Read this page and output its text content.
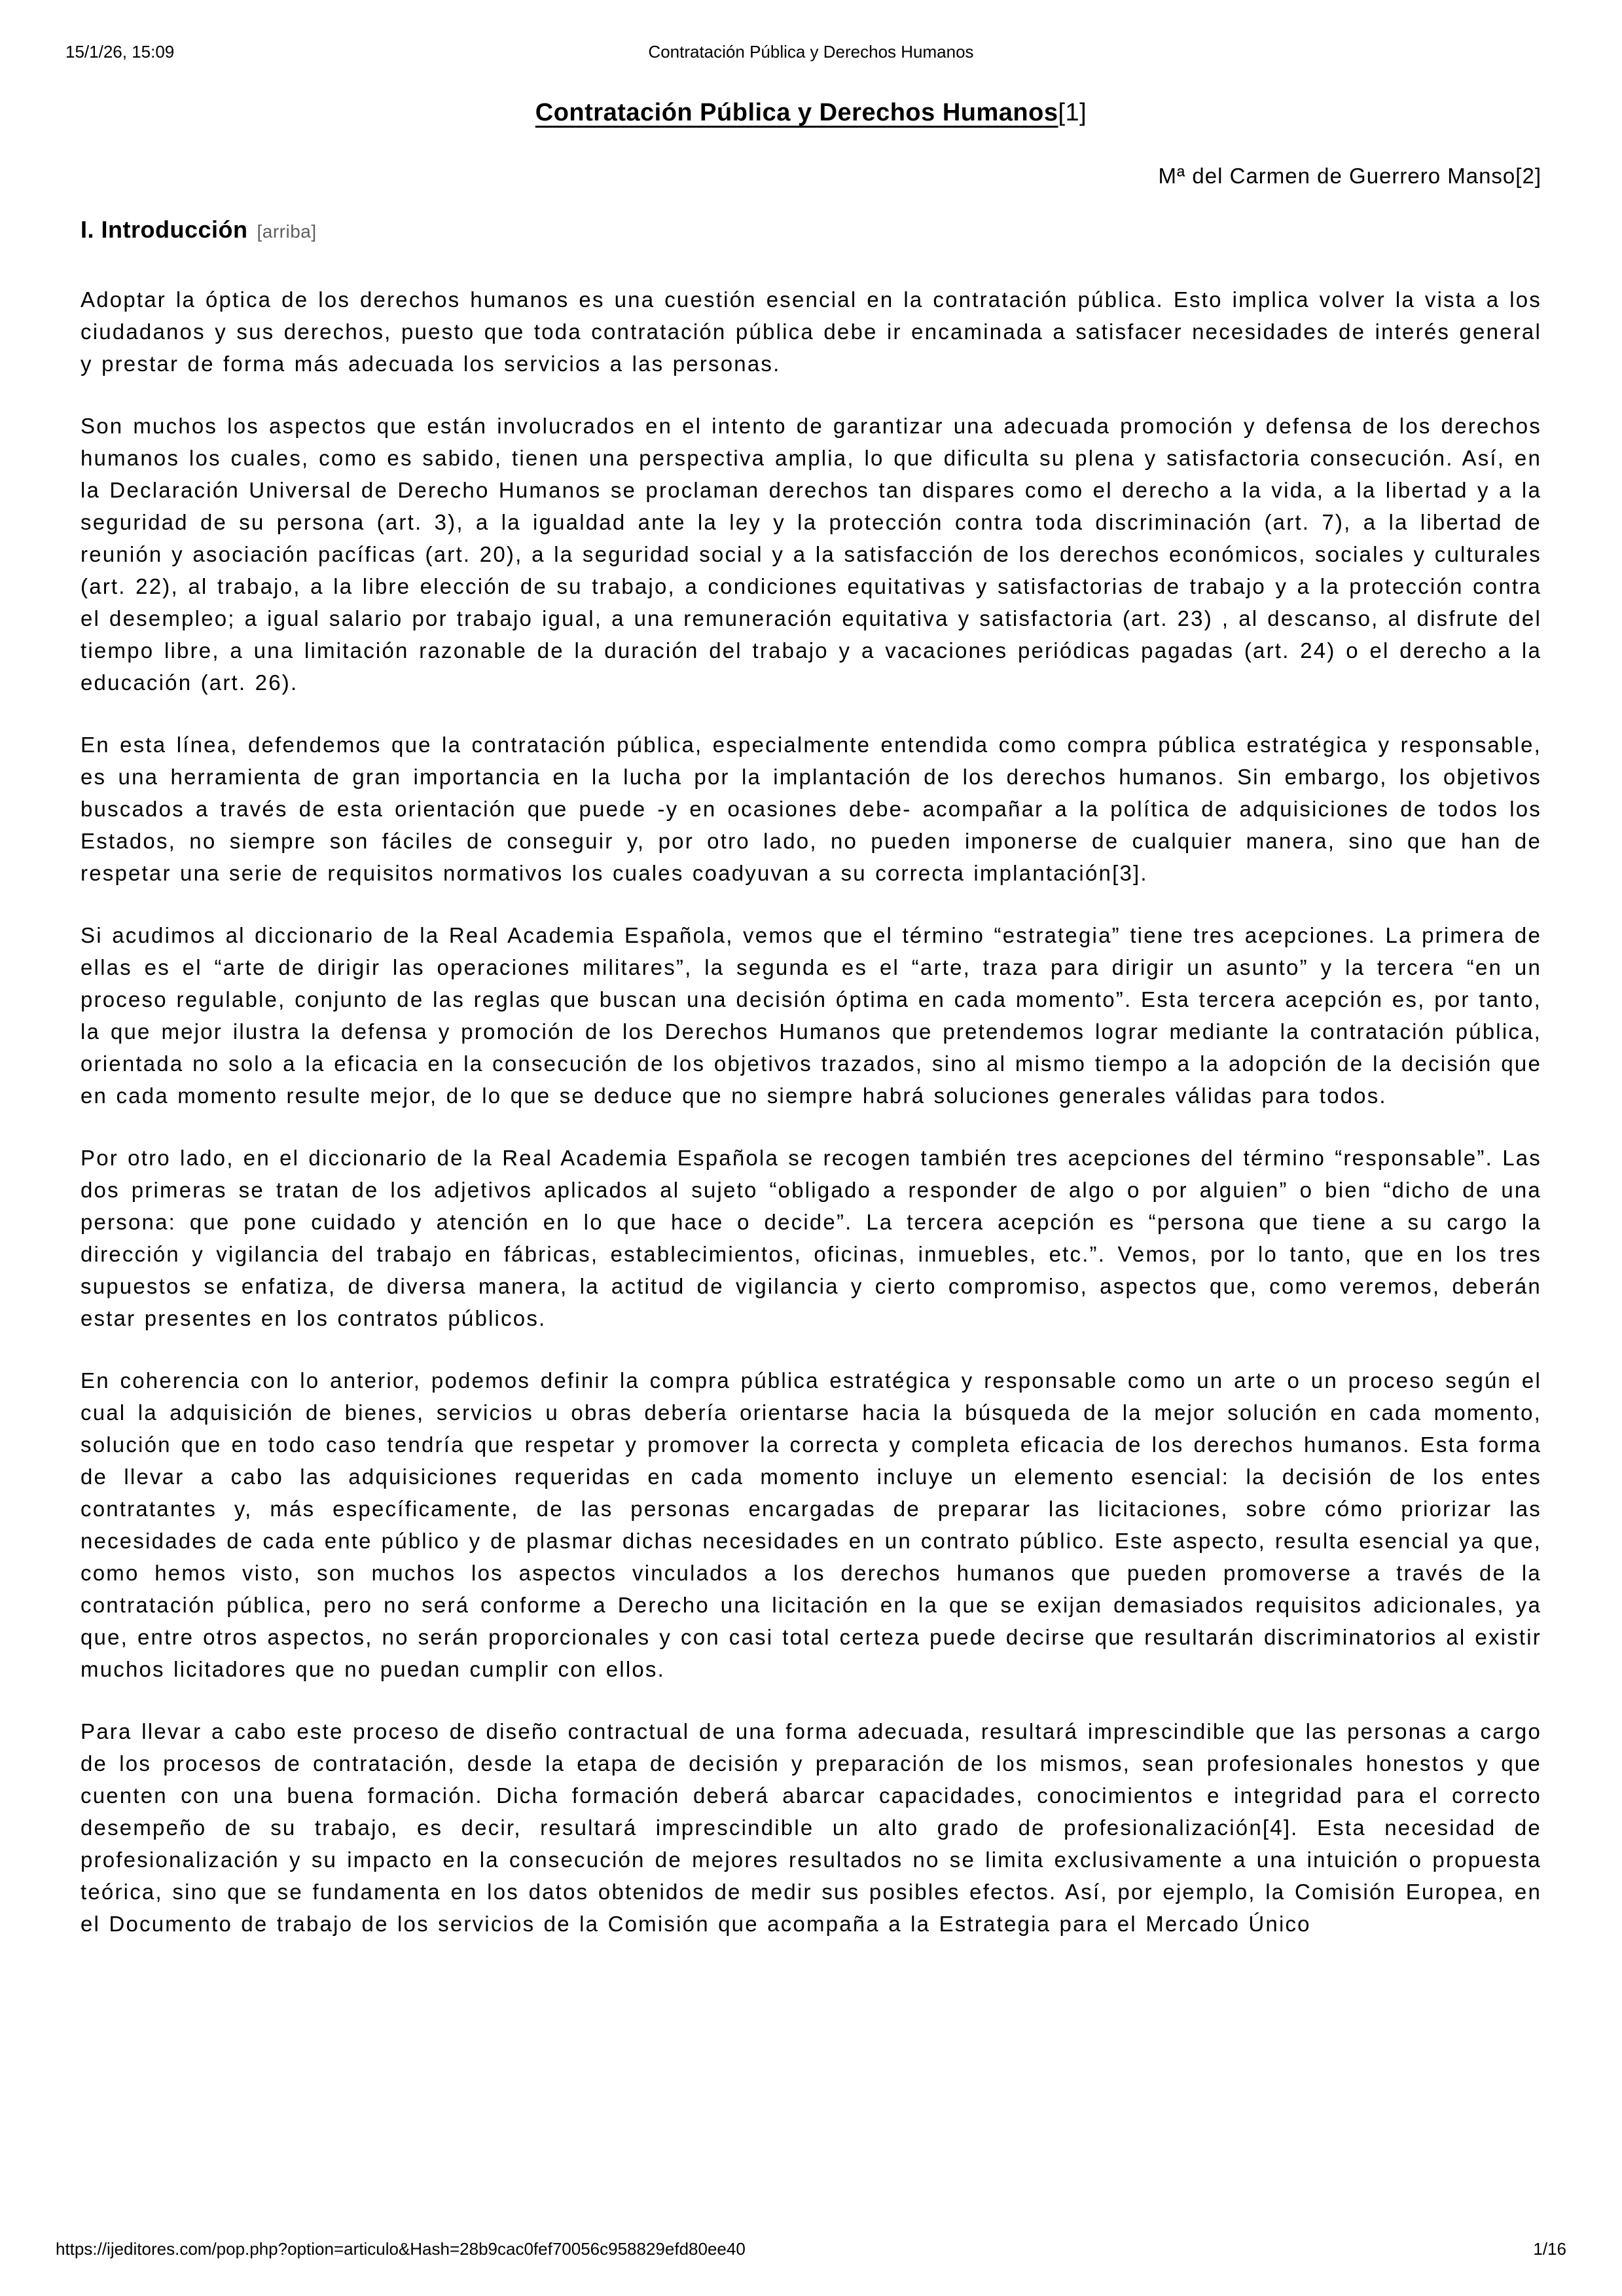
15/1/26, 15:09	Contratación Pública y Derechos Humanos
Contratación Pública y Derechos Humanos[1]
Mª del Carmen de Guerrero Manso[2]
I. Introducción [arriba]

Adoptar la óptica de los derechos humanos es una cuestión esencial en la contratación pública. Esto implica volver la vista a los ciudadanos y sus derechos, puesto que toda contratación pública debe ir encaminada a satisfacer necesidades de interés general y prestar de forma más adecuada los servicios a las personas.

Son muchos los aspectos que están involucrados en el intento de garantizar una adecuada promoción y defensa de los derechos humanos los cuales, como es sabido, tienen una perspectiva amplia, lo que dificulta su plena y satisfactoria consecución. Así, en la Declaración Universal de Derecho Humanos se proclaman derechos tan dispares como el derecho a la vida, a la libertad y a la seguridad de su persona (art. 3), a la igualdad ante la ley y la protección contra toda discriminación (art. 7), a la libertad de reunión y asociación pacíficas (art. 20), a la seguridad social y a la satisfacción de los derechos económicos, sociales y culturales (art. 22), al trabajo, a la libre elección de su trabajo, a condiciones equitativas y satisfactorias de trabajo y a la protección contra el desempleo; a igual salario por trabajo igual, a una remuneración equitativa y satisfactoria (art. 23) , al descanso, al disfrute del tiempo libre, a una limitación razonable de la duración del trabajo y a vacaciones periódicas pagadas (art. 24) o el derecho a la educación (art. 26).

En esta línea, defendemos que la contratación pública, especialmente entendida como compra pública estratégica y responsable, es una herramienta de gran importancia en la lucha por la implantación de los derechos humanos. Sin embargo, los objetivos buscados a través de esta orientación que puede -y en ocasiones debe- acompañar a la política de adquisiciones de todos los Estados, no siempre son fáciles de conseguir y, por otro lado, no pueden imponerse de cualquier manera, sino que han de respetar una serie de requisitos normativos los cuales coadyuvan a su correcta implantación[3].

Si acudimos al diccionario de la Real Academia Española, vemos que el término “estrategia” tiene tres acepciones. La primera de ellas es el “arte de dirigir las operaciones militares”, la segunda es el “arte, traza para dirigir un asunto” y la tercera “en un proceso regulable, conjunto de las reglas que buscan una decisión óptima en cada momento”. Esta tercera acepción es, por tanto, la que mejor ilustra la defensa y promoción de los Derechos Humanos que pretendemos lograr mediante la contratación pública, orientada no solo a la eficacia en la consecución de los objetivos trazados, sino al mismo tiempo a la adopción de la decisión que en cada momento resulte mejor, de lo que se deduce que no siempre habrá soluciones generales válidas para todos.

Por otro lado, en el diccionario de la Real Academia Española se recogen también tres acepciones del término “responsable”. Las dos primeras se tratan de los adjetivos aplicados al sujeto “obligado a responder de algo o por alguien” o bien “dicho de una persona: que pone cuidado y atención en lo que hace o decide”. La tercera acepción es “persona que tiene a su cargo la dirección y vigilancia del trabajo en fábricas, establecimientos, oficinas, inmuebles, etc.”. Vemos, por lo tanto, que en los tres supuestos se enfatiza, de diversa manera, la actitud de vigilancia y cierto compromiso, aspectos que, como veremos, deberán estar presentes en los contratos públicos.

En coherencia con lo anterior, podemos definir la compra pública estratégica y responsable como un arte o un proceso según el cual la adquisición de bienes, servicios u obras debería orientarse hacia la búsqueda de la mejor solución en cada momento, solución que en todo caso tendría que respetar y promover la correcta y completa eficacia de los derechos humanos. Esta forma de llevar a cabo las adquisiciones requeridas en cada momento incluye un elemento esencial: la decisión de los entes contratantes y, más específicamente, de las personas encargadas de preparar las licitaciones, sobre cómo priorizar las necesidades de cada ente público y de plasmar dichas necesidades en un contrato público. Este aspecto, resulta esencial ya que, como hemos visto, son muchos los aspectos vinculados a los derechos humanos que pueden promoverse a través de la contratación pública, pero no será conforme a Derecho una licitación en la que se exijan demasiados requisitos adicionales, ya que, entre otros aspectos, no serán proporcionales y con casi total certeza puede decirse que resultarán discriminatorios al existir muchos licitadores que no puedan cumplir con ellos.

Para llevar a cabo este proceso de diseño contractual de una forma adecuada, resultará imprescindible que las personas a cargo de los procesos de contratación, desde la etapa de decisión y preparación de los mismos, sean profesionales honestos y que cuenten con una buena formación. Dicha formación deberá abarcar capacidades, conocimientos e integridad para el correcto desempeño de su trabajo, es decir, resultará imprescindible un alto grado de profesionalización[4]. Esta necesidad de profesionalización y su impacto en la consecución de mejores resultados no se limita exclusivamente a una intuición o propuesta teórica, sino que se fundamenta en los datos obtenidos de medir sus posibles efectos. Así, por ejemplo, la Comisión Europea, en el Documento de trabajo de los servicios de la Comisión que acompaña a la Estrategia para el Mercado Único

https://ijeditores.com/pop.php?option=articulo&Hash=28b9cac0fef70056c958829efd80ee40	1/16
